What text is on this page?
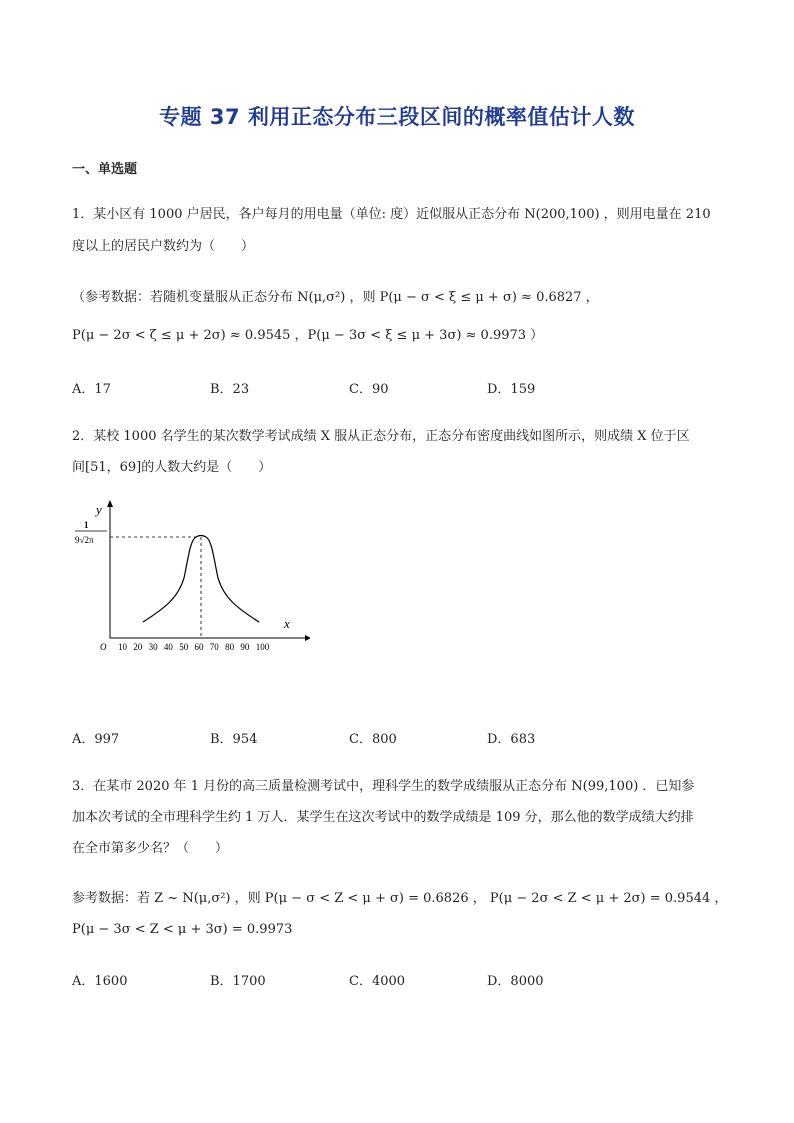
专题 37 利用正态分布三段区间的概率值估计人数
一、单选题
1．某小区有 1000 户居民，各户每月的用电量（单位: 度）近似服从正态分布 N(200,100) ，则用电量在 210
度以上的居民户数约为（　　）
（参考数据：若随机变量服从正态分布 N(μ,σ²) ，则 P(μ − σ < ξ ≤ μ + σ) ≈ 0.6827 ，
P(μ − 2σ < ζ ≤ μ + 2σ) ≈ 0.9545 ，P(μ − 3σ < ξ ≤ μ + 3σ) ≈ 0.9973 ）
A．17	B．23	C．90	D．159
2．某校 1000 名学生的某次数学考试成绩 X 服从正态分布，正态分布密度曲线如图所示，则成绩 X 位于区
间[51，69]的人数大约是（　　）
y
x
O
1
9√2π
10 20 30 40 50 60 70 80 90 100
A．997	B．954	C．800	D．683
3．在某市 2020 年 1 月份的高三质量检测考试中，理科学生的数学成绩服从正态分布 N(99,100) ．已知参
加本次考试的全市理科学生约 1 万人．某学生在这次考试中的数学成绩是 109 分，那么他的数学成绩大约排
在全市第多少名？（　　）
参考数据：若 Z ~ N(μ,σ²) ，则 P(μ − σ < Z < μ + σ) = 0.6826 ， P(μ − 2σ < Z < μ + 2σ) = 0.9544 ，
P(μ − 3σ < Z < μ + 3σ) = 0.9973
A．1600	B．1700	C．4000	D．8000
